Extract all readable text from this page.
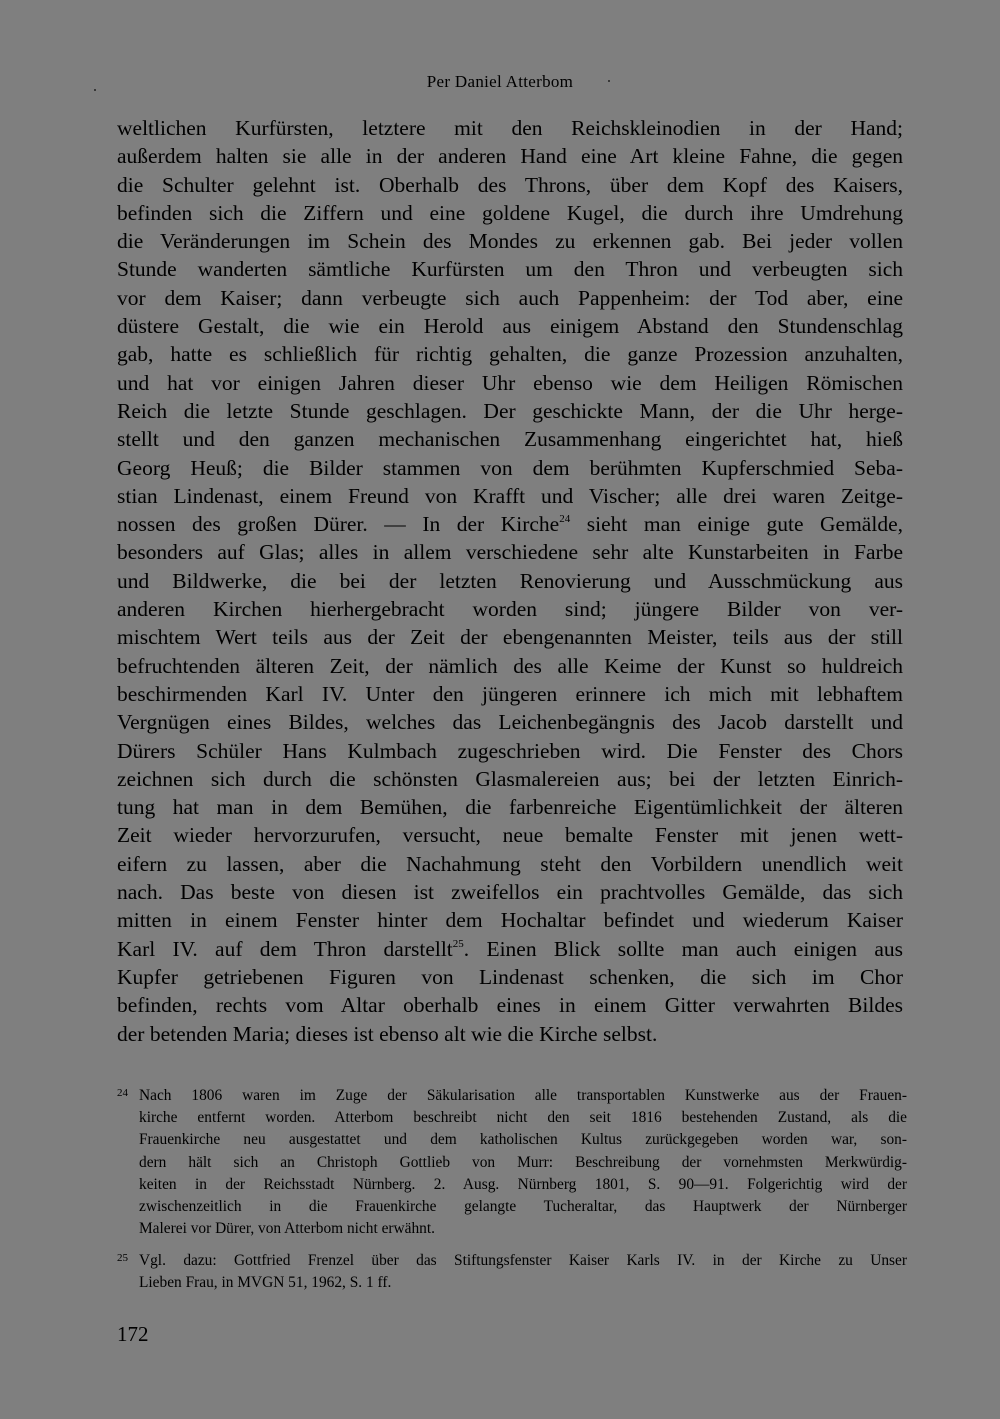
Per Daniel Atterbom
weltlichen Kurfürsten, letztere mit den Reichskleinodien in der Hand;
außerdem halten sie alle in der anderen Hand eine Art kleine Fahne, die gegen
die Schulter gelehnt ist. Oberhalb des Throns, über dem Kopf des Kaisers,
befinden sich die Ziffern und eine goldene Kugel, die durch ihre Umdrehung
die Veränderungen im Schein des Mondes zu erkennen gab. Bei jeder vollen
Stunde wanderten sämtliche Kurfürsten um den Thron und verbeugten sich
vor dem Kaiser; dann verbeugte sich auch Pappenheim: der Tod aber, eine
düstere Gestalt, die wie ein Herold aus einigem Abstand den Stundenschlag
gab, hatte es schließlich für richtig gehalten, die ganze Prozession anzuhalten,
und hat vor einigen Jahren dieser Uhr ebenso wie dem Heiligen Römischen
Reich die letzte Stunde geschlagen. Der geschickte Mann, der die Uhr herge-
stellt und den ganzen mechanischen Zusammenhang eingerichtet hat, hieß
Georg Heuß; die Bilder stammen von dem berühmten Kupferschmied Seba-
stian Lindenast, einem Freund von Krafft und Vischer; alle drei waren Zeitge-
nossen des großen Dürer. — In der Kirche$^{24}$ sieht man einige gute Gemälde,
besonders auf Glas; alles in allem verschiedene sehr alte Kunstarbeiten in Farbe
und Bildwerke, die bei der letzten Renovierung und Ausschmückung aus
anderen Kirchen hierhergebracht worden sind; jüngere Bilder von ver-
mischtem Wert teils aus der Zeit der ebengenannten Meister, teils aus der still
befruchtenden älteren Zeit, der nämlich des alle Keime der Kunst so huldreich
beschirmenden Karl IV. Unter den jüngeren erinnere ich mich mit lebhaftem
Vergnügen eines Bildes, welches das Leichenbegängnis des Jacob darstellt und
Dürers Schüler Hans Kulmbach zugeschrieben wird. Die Fenster des Chors
zeichnen sich durch die schönsten Glasmalereien aus; bei der letzten Einrich-
tung hat man in dem Bemühen, die farbenreiche Eigentümlichkeit der älteren
Zeit wieder hervorzurufen, versucht, neue bemalte Fenster mit jenen wett-
eifern zu lassen, aber die Nachahmung steht den Vorbildern unendlich weit
nach. Das beste von diesen ist zweifellos ein prachtvolles Gemälde, das sich
mitten in einem Fenster hinter dem Hochaltar befindet und wiederum Kaiser
Karl IV. auf dem Thron darstellt$^{25}$. Einen Blick sollte man auch einigen aus
Kupfer getriebenen Figuren von Lindenast schenken, die sich im Chor
befinden, rechts vom Altar oberhalb eines in einem Gitter verwahrten Bildes
der betenden Maria; dieses ist ebenso alt wie die Kirche selbst.
24 Nach 1806 waren im Zuge der Säkularisation alle transportablen Kunstwerke aus der Frauen-
kirche entfernt worden. Atterbom beschreibt nicht den seit 1816 bestehenden Zustand, als die
Frauenkirche neu ausgestattet und dem katholischen Kultus zurückgegeben worden war, son-
dern hält sich an Christoph Gottlieb von Murr: Beschreibung der vornehmsten Merkwürdig-
keiten in der Reichsstadt Nürnberg. 2. Ausg. Nürnberg 1801, S. 90—91. Folgerichtig wird der
zwischenzeitlich in die Frauenkirche gelangte Tucheraltar, das Hauptwerk der Nürnberger
Malerei vor Dürer, von Atterbom nicht erwähnt.
25 Vgl. dazu: Gottfried Frenzel über das Stiftungsfenster Kaiser Karls IV. in der Kirche zu Unser
Lieben Frau, in MVGN 51, 1962, S. 1 ff.
172
